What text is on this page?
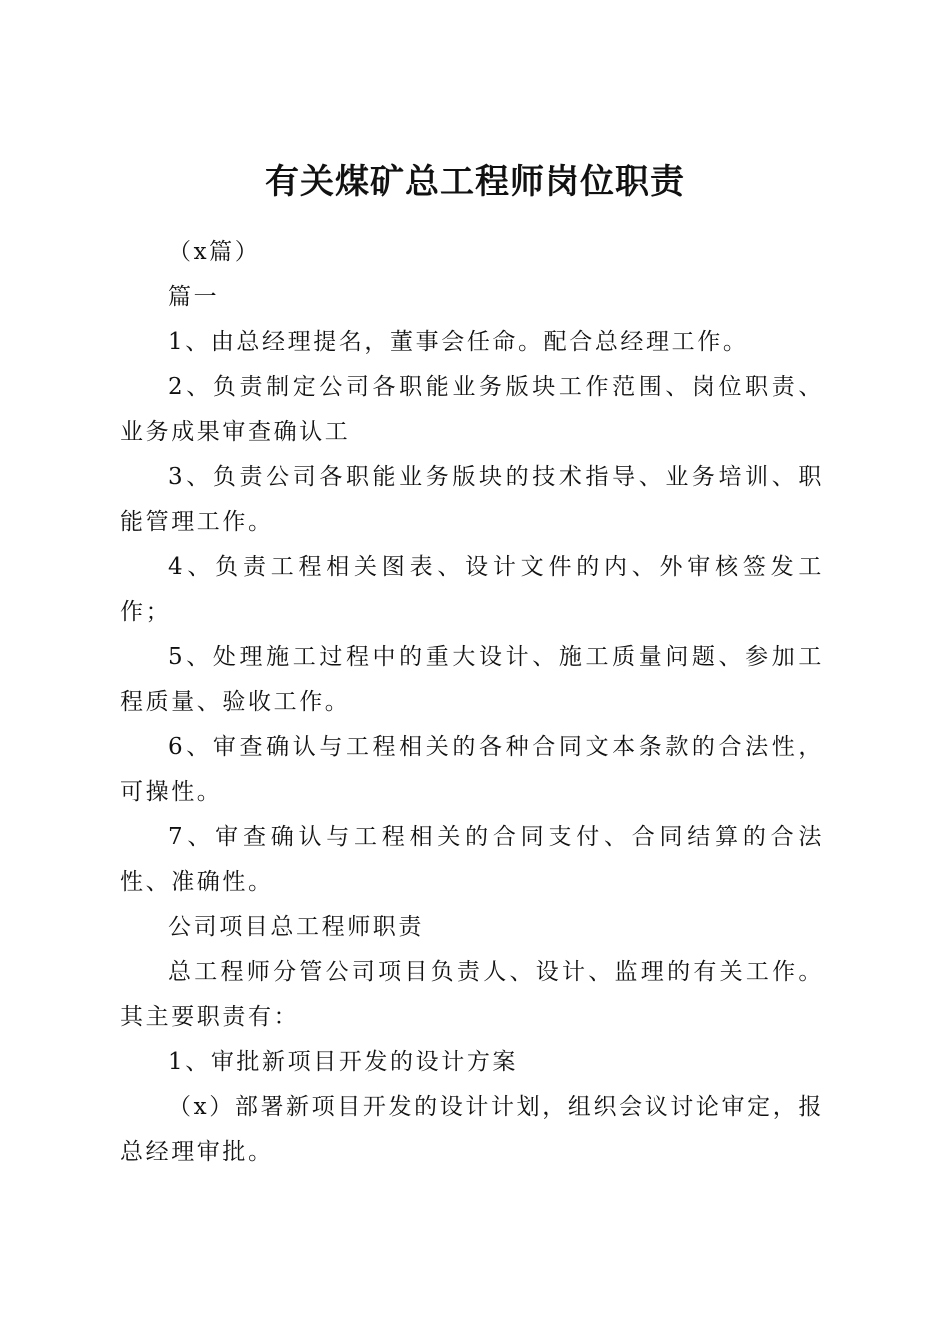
有关煤矿总工程师岗位职责

（x篇）

篇一

1、由总经理提名，董事会任命。配合总经理工作。

2、负责制定公司各职能业务版块工作范围、岗位职责、业务成果审查确认工

3、负责公司各职能业务版块的技术指导、业务培训、职能管理工作。

4、负责工程相关图表、设计文件的内、外审核签发工作；

5、处理施工过程中的重大设计、施工质量问题、参加工程质量、验收工作。

6、审查确认与工程相关的各种合同文本条款的合法性，可操性。

7、审查确认与工程相关的合同支付、合同结算的合法性、准确性。

公司项目总工程师职责

总工程师分管公司项目负责人、设计、监理的有关工作。其主要职责有：

1、审批新项目开发的设计方案

（x）部署新项目开发的设计计划，组织会议讨论审定，报总经理审批。
